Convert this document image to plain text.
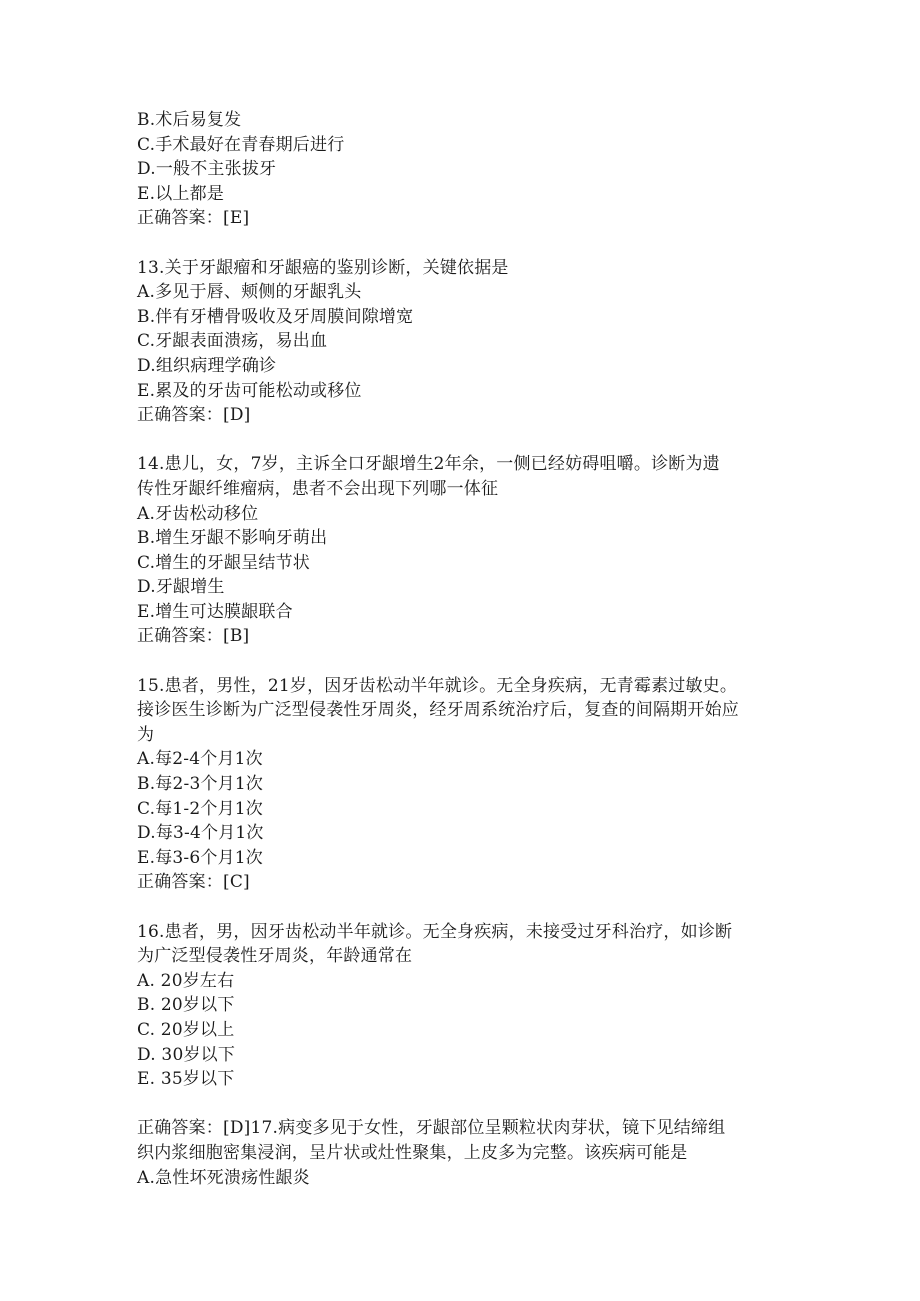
B.术后易复发
C.手术最好在青春期后进行
D.一般不主张拔牙
E.以上都是
正确答案：[E]
13.关于牙龈瘤和牙龈癌的鉴别诊断，关键依据是
A.多见于唇、颊侧的牙龈乳头
B.伴有牙槽骨吸收及牙周膜间隙增宽
C.牙龈表面溃疡，易出血
D.组织病理学确诊
E.累及的牙齿可能松动或移位
正确答案：[D]
14.患儿，女，7岁，主诉全口牙龈增生2年余，一侧已经妨碍咀嚼。诊断为遗
传性牙龈纤维瘤病，患者不会出现下列哪一体征
A.牙齿松动移位
B.增生牙龈不影响牙萌出
C.增生的牙龈呈结节状
D.牙龈增生
E.增生可达膜龈联合
正确答案：[B]
15.患者，男性，21岁，因牙齿松动半年就诊。无全身疾病，无青霉素过敏史。
接诊医生诊断为广泛型侵袭性牙周炎，经牙周系统治疗后，复查的间隔期开始应
为
A.每2-4个月1次
B.每2-3个月1次
C.每1-2个月1次
D.每3-4个月1次
E.每3-6个月1次
正确答案：[C]
16.患者，男，因牙齿松动半年就诊。无全身疾病，未接受过牙科治疗，如诊断
为广泛型侵袭性牙周炎，年龄通常在
A. 20岁左右
B. 20岁以下
C. 20岁以上
D. 30岁以下
E. 35岁以下
正确答案：[D]17.病变多见于女性，牙龈部位呈颗粒状肉芽状，镜下见结缔组
织内浆细胞密集浸润，呈片状或灶性聚集，上皮多为完整。该疾病可能是
A.急性坏死溃疡性龈炎
